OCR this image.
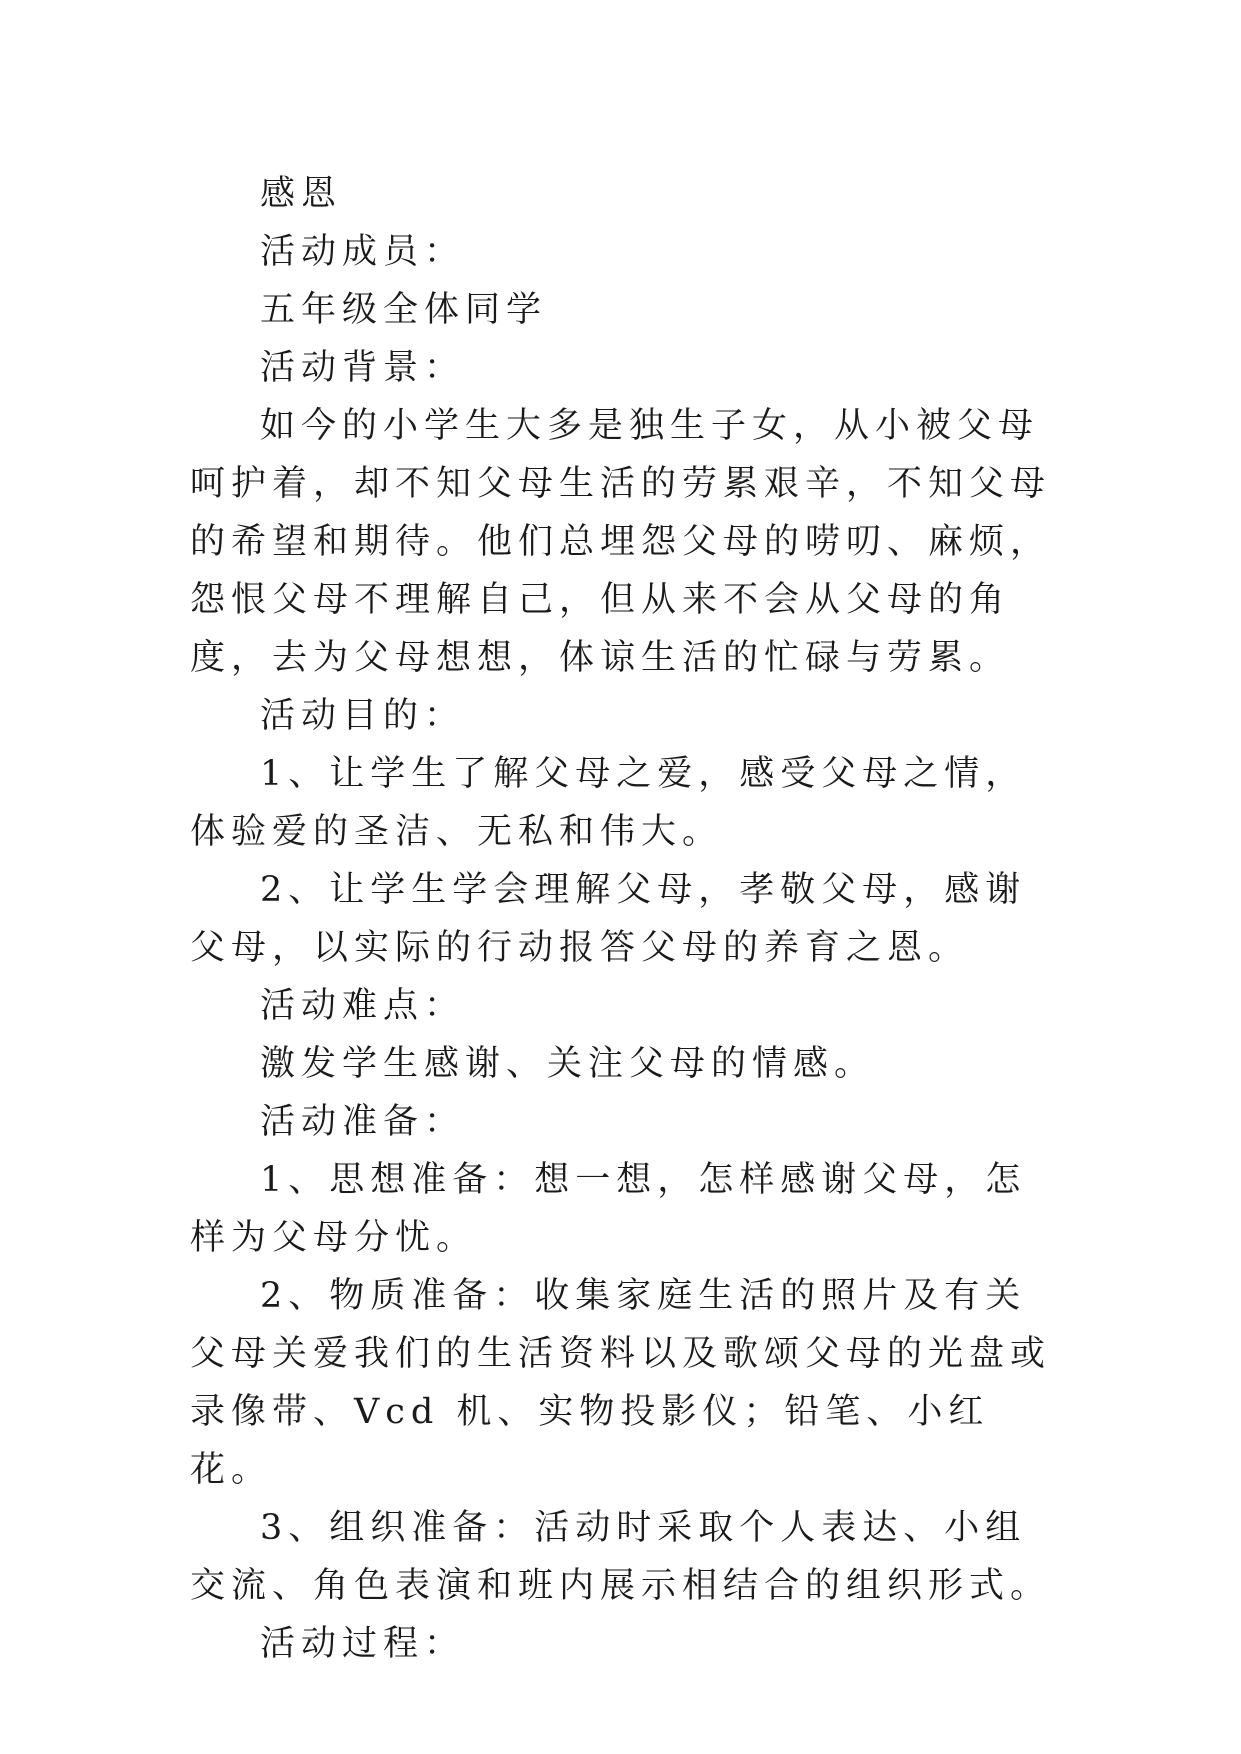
感恩

活动成员：

五年级全体同学

活动背景：

如今的小学生大多是独生子女，从小被父母呵护着，却不知父母生活的劳累艰辛，不知父母的希望和期待。他们总埋怨父母的唠叨、麻烦，怨恨父母不理解自己，但从来不会从父母的角度，去为父母想想，体谅生活的忙碌与劳累。

活动目的：

1、让学生了解父母之爱，感受父母之情，体验爱的圣洁、无私和伟大。

2、让学生学会理解父母，孝敬父母，感谢父母，以实际的行动报答父母的养育之恩。

活动难点：

激发学生感谢、关注父母的情感。

活动准备：

1、思想准备：想一想，怎样感谢父母，怎样为父母分忧。

2、物质准备：收集家庭生活的照片及有关父母关爱我们的生活资料以及歌颂父母的光盘或录像带、Vcd 机、实物投影仪；铅笔、小红花。

3、组织准备：活动时采取个人表达、小组交流、角色表演和班内展示相结合的组织形式。

活动过程：
